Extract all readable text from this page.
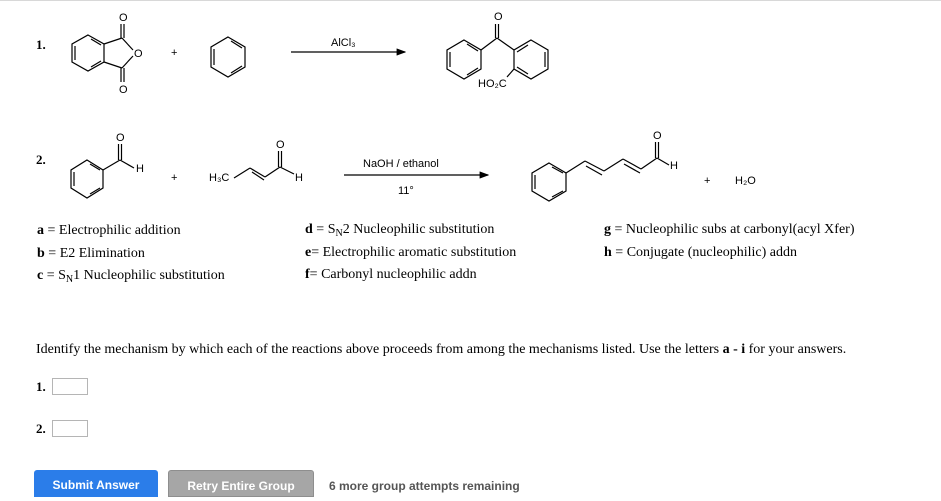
1.
2.
O
O
O
O
O
O
O
H	H
+
AlCl₃
HO₂C
+	H₃C	H
NaOH / ethanol
11°
+ H₂O
a = Electrophilic addition
b = E2 Elimination
$c = S_N1$ Nucleophilic substitution
$d = S_N2$ Nucleophilic substitution
e= Electrophilic aromatic substitution
f= Carbonyl nucleophilic addn
g = Nucleophilic subs at carbonyl(acyl Xfer)
h = Conjugate (nucleophilic) addn
Identify the mechanism by which each of the reactions above proceeds from among the mechanisms listed. Use the letters a - i for your answers.
1.
2.
Submit Answer	Retry Entire Group	6 more group attempts remaining
